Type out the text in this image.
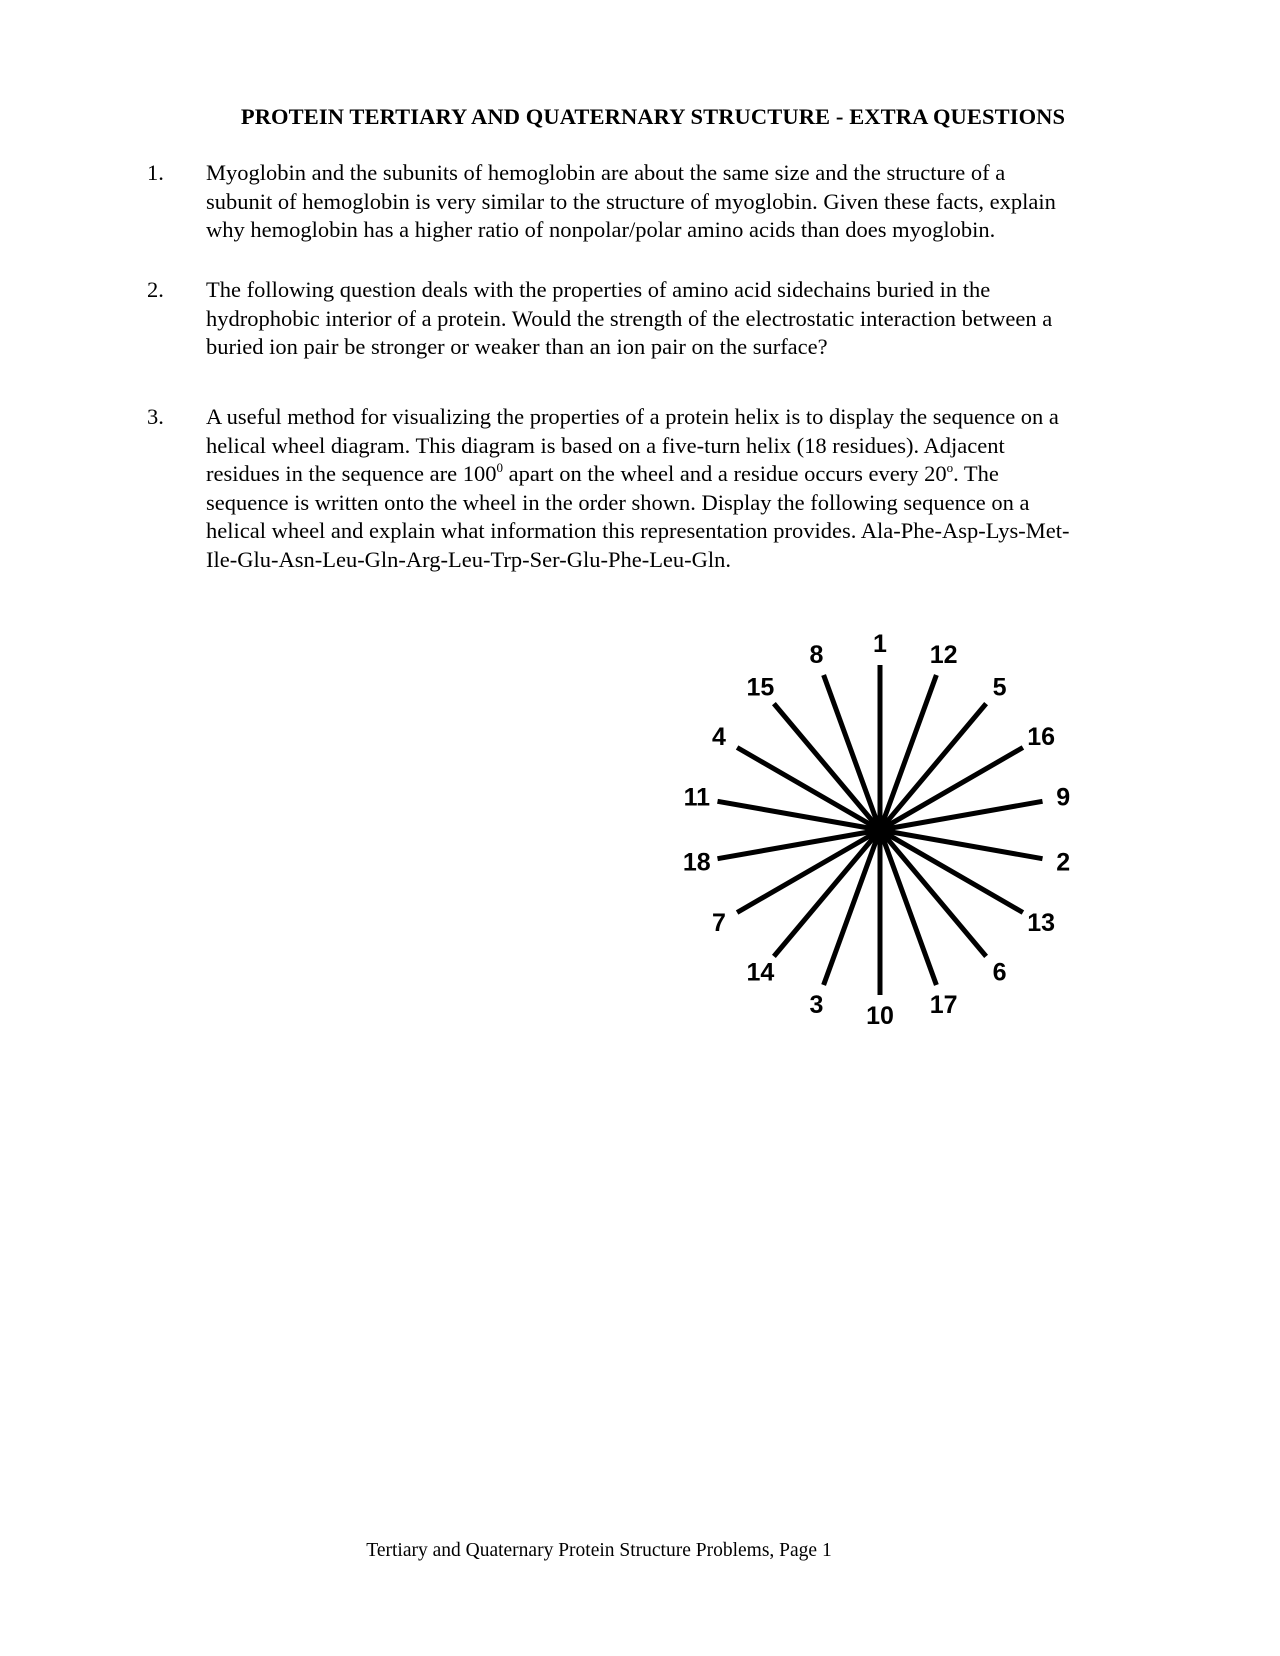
PROTEIN TERTIARY AND QUATERNARY STRUCTURE - EXTRA QUESTIONS
1. Myoglobin and the subunits of hemoglobin are about the same size and the structure of a
subunit of hemoglobin is very similar to the structure of myoglobin. Given these facts, explain
why hemoglobin has a higher ratio of nonpolar/polar amino acids than does myoglobin.
2. The following question deals with the properties of amino acid sidechains buried in the
hydrophobic interior of a protein. Would the strength of the electrostatic interaction between a
buried ion pair be stronger or weaker than an ion pair on the surface?
3. A useful method for visualizing the properties of a protein helix is to display the sequence on a
helical wheel diagram. This diagram is based on a five-turn helix (18 residues). Adjacent
residues in the sequence are $100^0$ apart on the wheel and a residue occurs every 20$^o$. The
sequence is written onto the wheel in the order shown. Display the following sequence on a
helical wheel and explain what information this representation provides. Ala-Phe-Asp-Lys-Met-
Ile-Glu-Asn-Leu-Gln-Arg-Leu-Trp-Ser-Glu-Phe-Leu-Gln.
1
2
3
4
5
6
7
8
9
10
11
12
13
14
15
16
17
18
Tertiary and Quaternary Protein Structure Problems, Page 1
